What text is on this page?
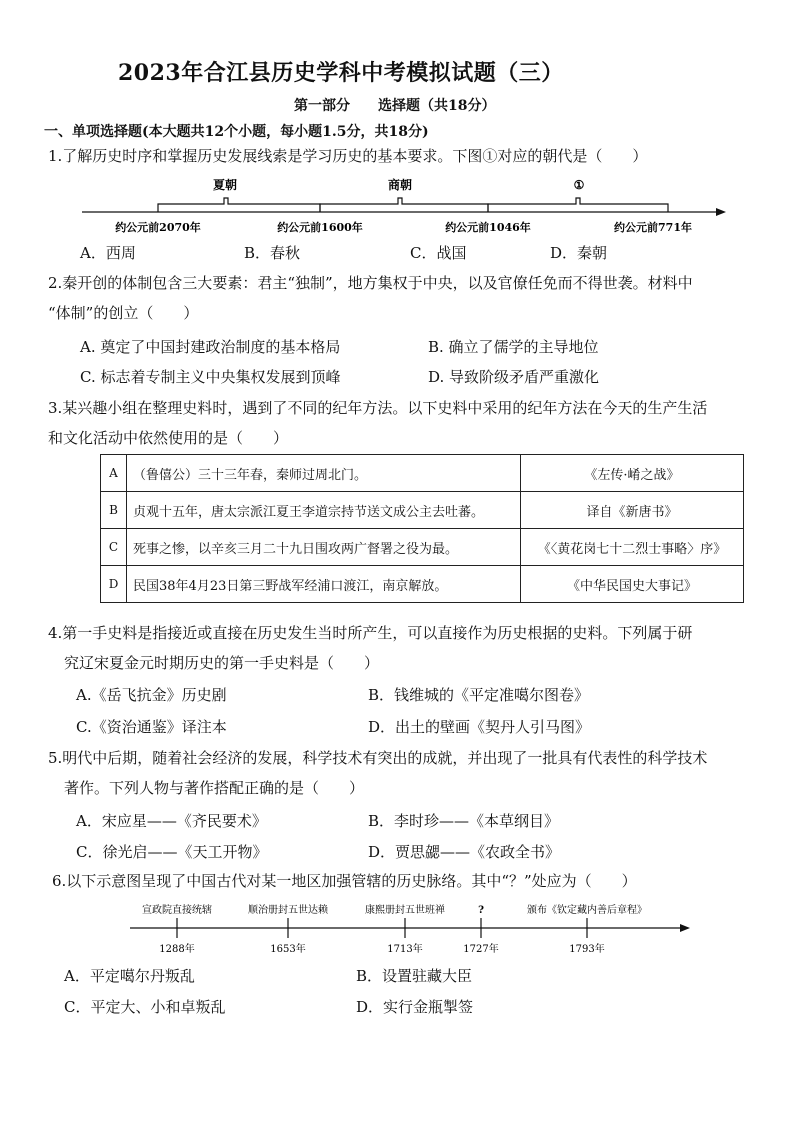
2023年合江县历史学科中考模拟试题（三）
第一部分 选择题（共18分）
一、单项选择题(本大题共12个小题，每小题1.5分，共18分)
1.了解历史时序和掌握历史发展线索是学习历史的基本要求。下图①对应的朝代是（　　）
夏朝	商朝	①
约公元前2070年	约公元前1600年	约公元前1046年	约公元前771年
A．西周	B．春秋	C．战国	D．秦朝
2.秦开创的体制包含三大要素：君主“独制”，地方集权于中央，以及官僚任免而不得世袭。材料中
“体制”的创立（　　）
A. 奠定了中国封建政治制度的基本格局	B. 确立了儒学的主导地位
C. 标志着专制主义中央集权发展到顶峰	D. 导致阶级矛盾严重激化
3.某兴趣小组在整理史料时，遇到了不同的纪年方法。以下史料中采用的纪年方法在今天的生产生活
和文化活动中依然使用的是（　　）
A	（鲁僖公）三十三年春，秦师过周北门。	《左传·崤之战》
B	贞观十五年，唐太宗派江夏王李道宗持节送文成公主去吐蕃。	译自《新唐书》
C	死事之惨，以辛亥三月二十九日围攻两广督署之役为最。	《〈黄花岗七十二烈士事略〉序》
D	民国38年4月23日第三野战军经浦口渡江，南京解放。	《中华民国史大事记》
4.第一手史料是指接近或直接在历史发生当时所产生，可以直接作为历史根据的史料。下列属于研
究辽宋夏金元时期历史的第一手史料是（　　）
A.《岳飞抗金》历史剧	B．钱维城的《平定准噶尔图卷》
C.《资治通鉴》译注本	D．出土的壁画《契丹人引马图》
5.明代中后期，随着社会经济的发展，科学技术有突出的成就，并出现了一批具有代表性的科学技术
著作。下列人物与著作搭配正确的是（　　）
A．宋应星——《齐民要术》	B．李时珍——《本草纲目》
C．徐光启——《天工开物》	D．贾思勰——《农政全书》
6.以下示意图呈现了中国古代对某一地区加强管辖的历史脉络。其中“？”处应为（　　）
宣政院直接统辖	顺治册封五世达赖	康熙册封五世班禅	?	颁布《钦定藏内善后章程》
1288年	1653年	1713年	1727年	1793年
A．平定噶尔丹叛乱	B．设置驻藏大臣
C．平定大、小和卓叛乱	D．实行金瓶掣签
